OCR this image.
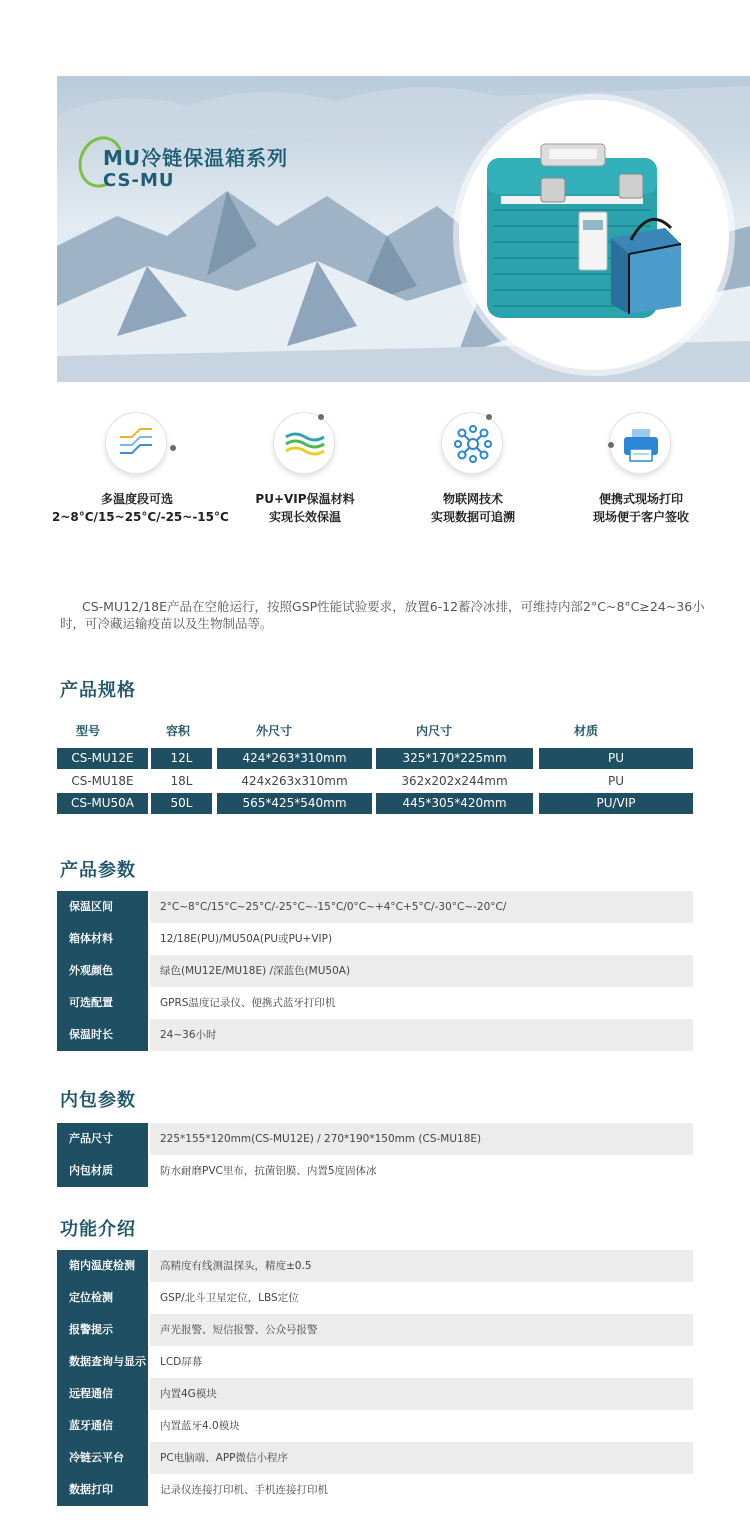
MU冷链保温箱系列
CS-MU
多温度段可选
2~8°C/15~25°C/-25~-15°C
PU+VIP保温材料
实现长效保温
物联网技术
实现数据可追溯
便携式现场打印
现场便于客户签收
CS-MU12/18E产品在空舱运行，按照GSP性能试验要求，放置6-12蓄冷冰排，可维持内部2°C~8°C≥24~36小时，可冷藏运输疫苗以及生物制品等。
产品规格
型号	容积	外尺寸	内尺寸	材质
CS-MU12E	12L	424*263*310mm	325*170*225mm	PU
CS-MU18E	18L	424x263x310mm	362x202x244mm	PU
CS-MU50A	50L	565*425*540mm	445*305*420mm	PU/VIP
产品参数
保温区间	2°C~8°C/15°C~25°C/-25°C~-15°C/0°C~+4°C+5°C/-30°C~-20°C/
箱体材料	12/18E(PU)/MU50A(PU或PU+VIP)
外观颜色	绿色(MU12E/MU18E) /深蓝色(MU50A)
可选配置	GPRS温度记录仪、便携式蓝牙打印机
保温时长	24~36小时
内包参数
产品尺寸	225*155*120mm(CS-MU12E) / 270*190*150mm (CS-MU18E)
内包材质	防水耐磨PVC里布，抗菌铝膜、内置5度固体冰
功能介绍
箱内温度检测	高精度有线测温探头，精度±0.5
定位检测	GSP/北斗卫星定位，LBS定位
报警提示	声光报警、短信报警、公众号报警
数据查询与显示	LCD屏幕
远程通信	内置4G模块
蓝牙通信	内置蓝牙4.0模块
冷链云平台	PC电脑端、APP微信小程序
数据打印	记录仪连接打印机、手机连接打印机
